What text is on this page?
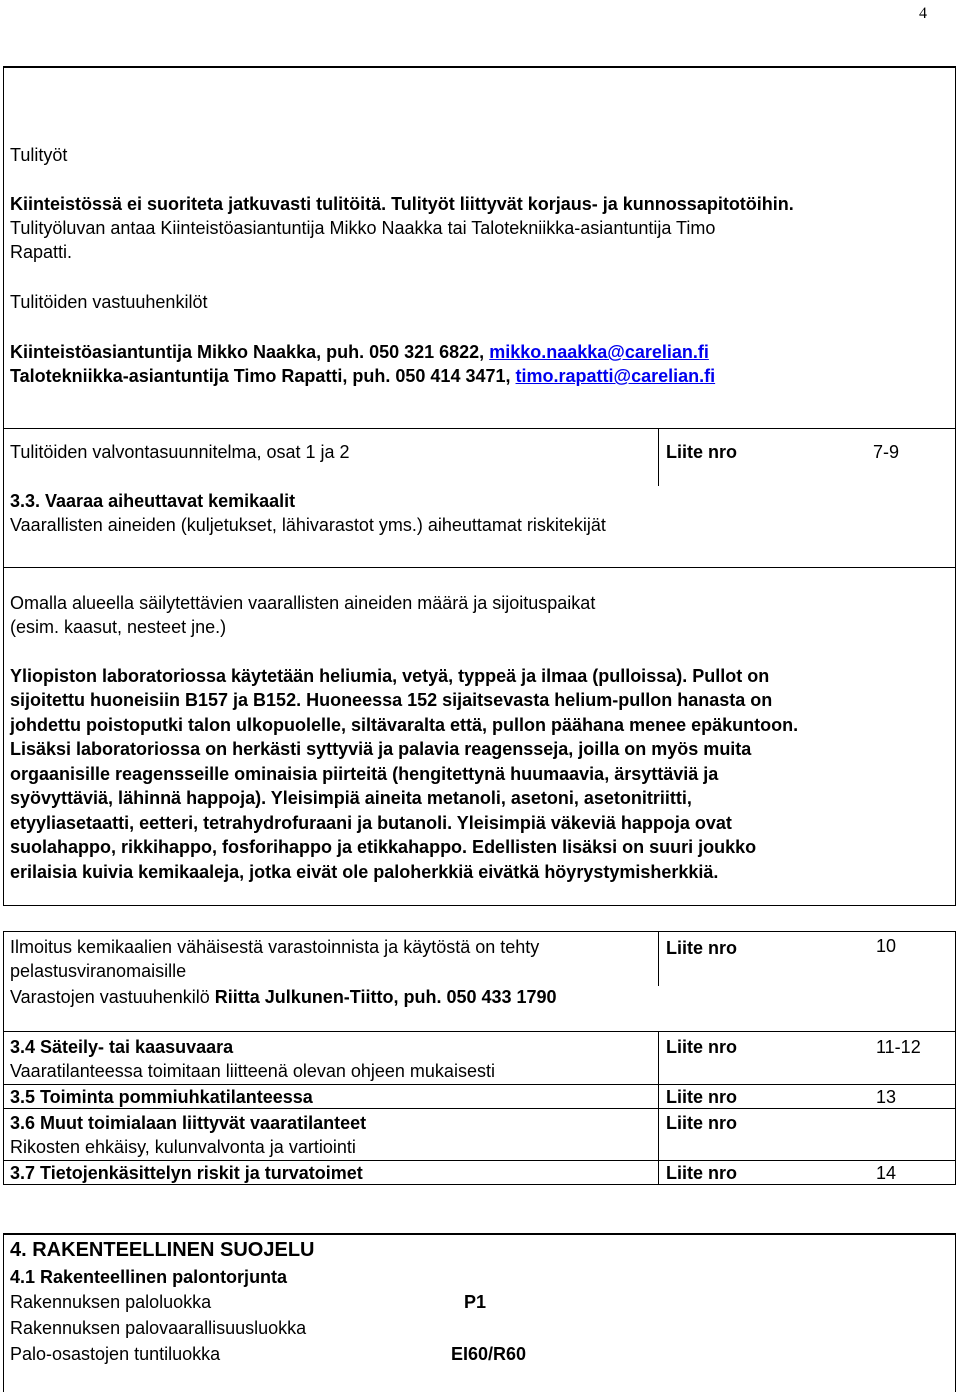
4
Tulityöt
Kiinteistössä ei suoriteta jatkuvasti tulitöitä. Tulityöt liittyvät korjaus- ja kunnossapitotöihin.
Tulityöluvan antaa Kiinteistöasiantuntija Mikko Naakka tai Talotekniikka-asiantuntija Timo
Rapatti.
Tulitöiden vastuuhenkilöt
Kiinteistöasiantuntija Mikko Naakka, puh. 050 321 6822, mikko.naakka@carelian.fi
Talotekniikka-asiantuntija Timo Rapatti, puh. 050 414 3471, timo.rapatti@carelian.fi
Tulitöiden valvontasuunnitelma, osat 1 ja 2	Liite nro	7-9
3.3. Vaaraa aiheuttavat kemikaalit
Vaarallisten aineiden (kuljetukset, lähivarastot yms.) aiheuttamat riskitekijät
Omalla alueella säilytettävien vaarallisten aineiden määrä ja sijoituspaikat
(esim. kaasut, nesteet jne.)
Yliopiston laboratoriossa käytetään heliumia, vetyä, typpeä ja ilmaa (pulloissa). Pullot on
sijoitettu huoneisiin B157 ja B152. Huoneessa 152 sijaitsevasta helium-pullon hanasta on
johdettu poistoputki talon ulkopuolelle, siltävaralta että, pullon päähana menee epäkuntoon.
Lisäksi laboratoriossa on herkästi syttyviä ja palavia reagensseja, joilla on myös muita
orgaanisille reagensseille ominaisia piirteitä (hengitettynä huumaavia, ärsyttäviä ja
syövyttäviä, lähinnä happoja). Yleisimpiä aineita metanoli, asetoni, asetonitriitti,
etyyliasetaatti, eetteri, tetrahydrofuraani ja butanoli. Yleisimpiä väkeviä happoja ovat
suolahappo, rikkihappo, fosforihappo ja etikkahappo. Edellisten lisäksi on suuri joukko
erilaisia kuivia kemikaaleja, jotka eivät ole paloherkkiä eivätkä höyrystymisherkkiä.
Ilmoitus kemikaalien vähäisestä varastoinnista ja käytöstä on tehty
pelastusviranomaisille
Liite nro	10
Varastojen vastuuhenkilö Riitta Julkunen-Tiitto, puh. 050 433 1790
3.4 Säteily- tai kaasuvaara
Vaaratilanteessa toimitaan liitteenä olevan ohjeen mukaisesti
Liite nro	11-12
3.5 Toiminta pommiuhkatilanteessa	Liite nro	13
3.6 Muut toimialaan liittyvät vaaratilanteet
Rikosten ehkäisy, kulunvalvonta ja vartiointi
Liite nro
3.7 Tietojenkäsittelyn riskit ja turvatoimet	Liite nro	14
4. RAKENTEELLINEN SUOJELU
4.1 Rakenteellinen palontorjunta
Rakennuksen paloluokka	P1
Rakennuksen palovaarallisuusluokka
Palo-osastojen tuntiluokka	EI60/R60
